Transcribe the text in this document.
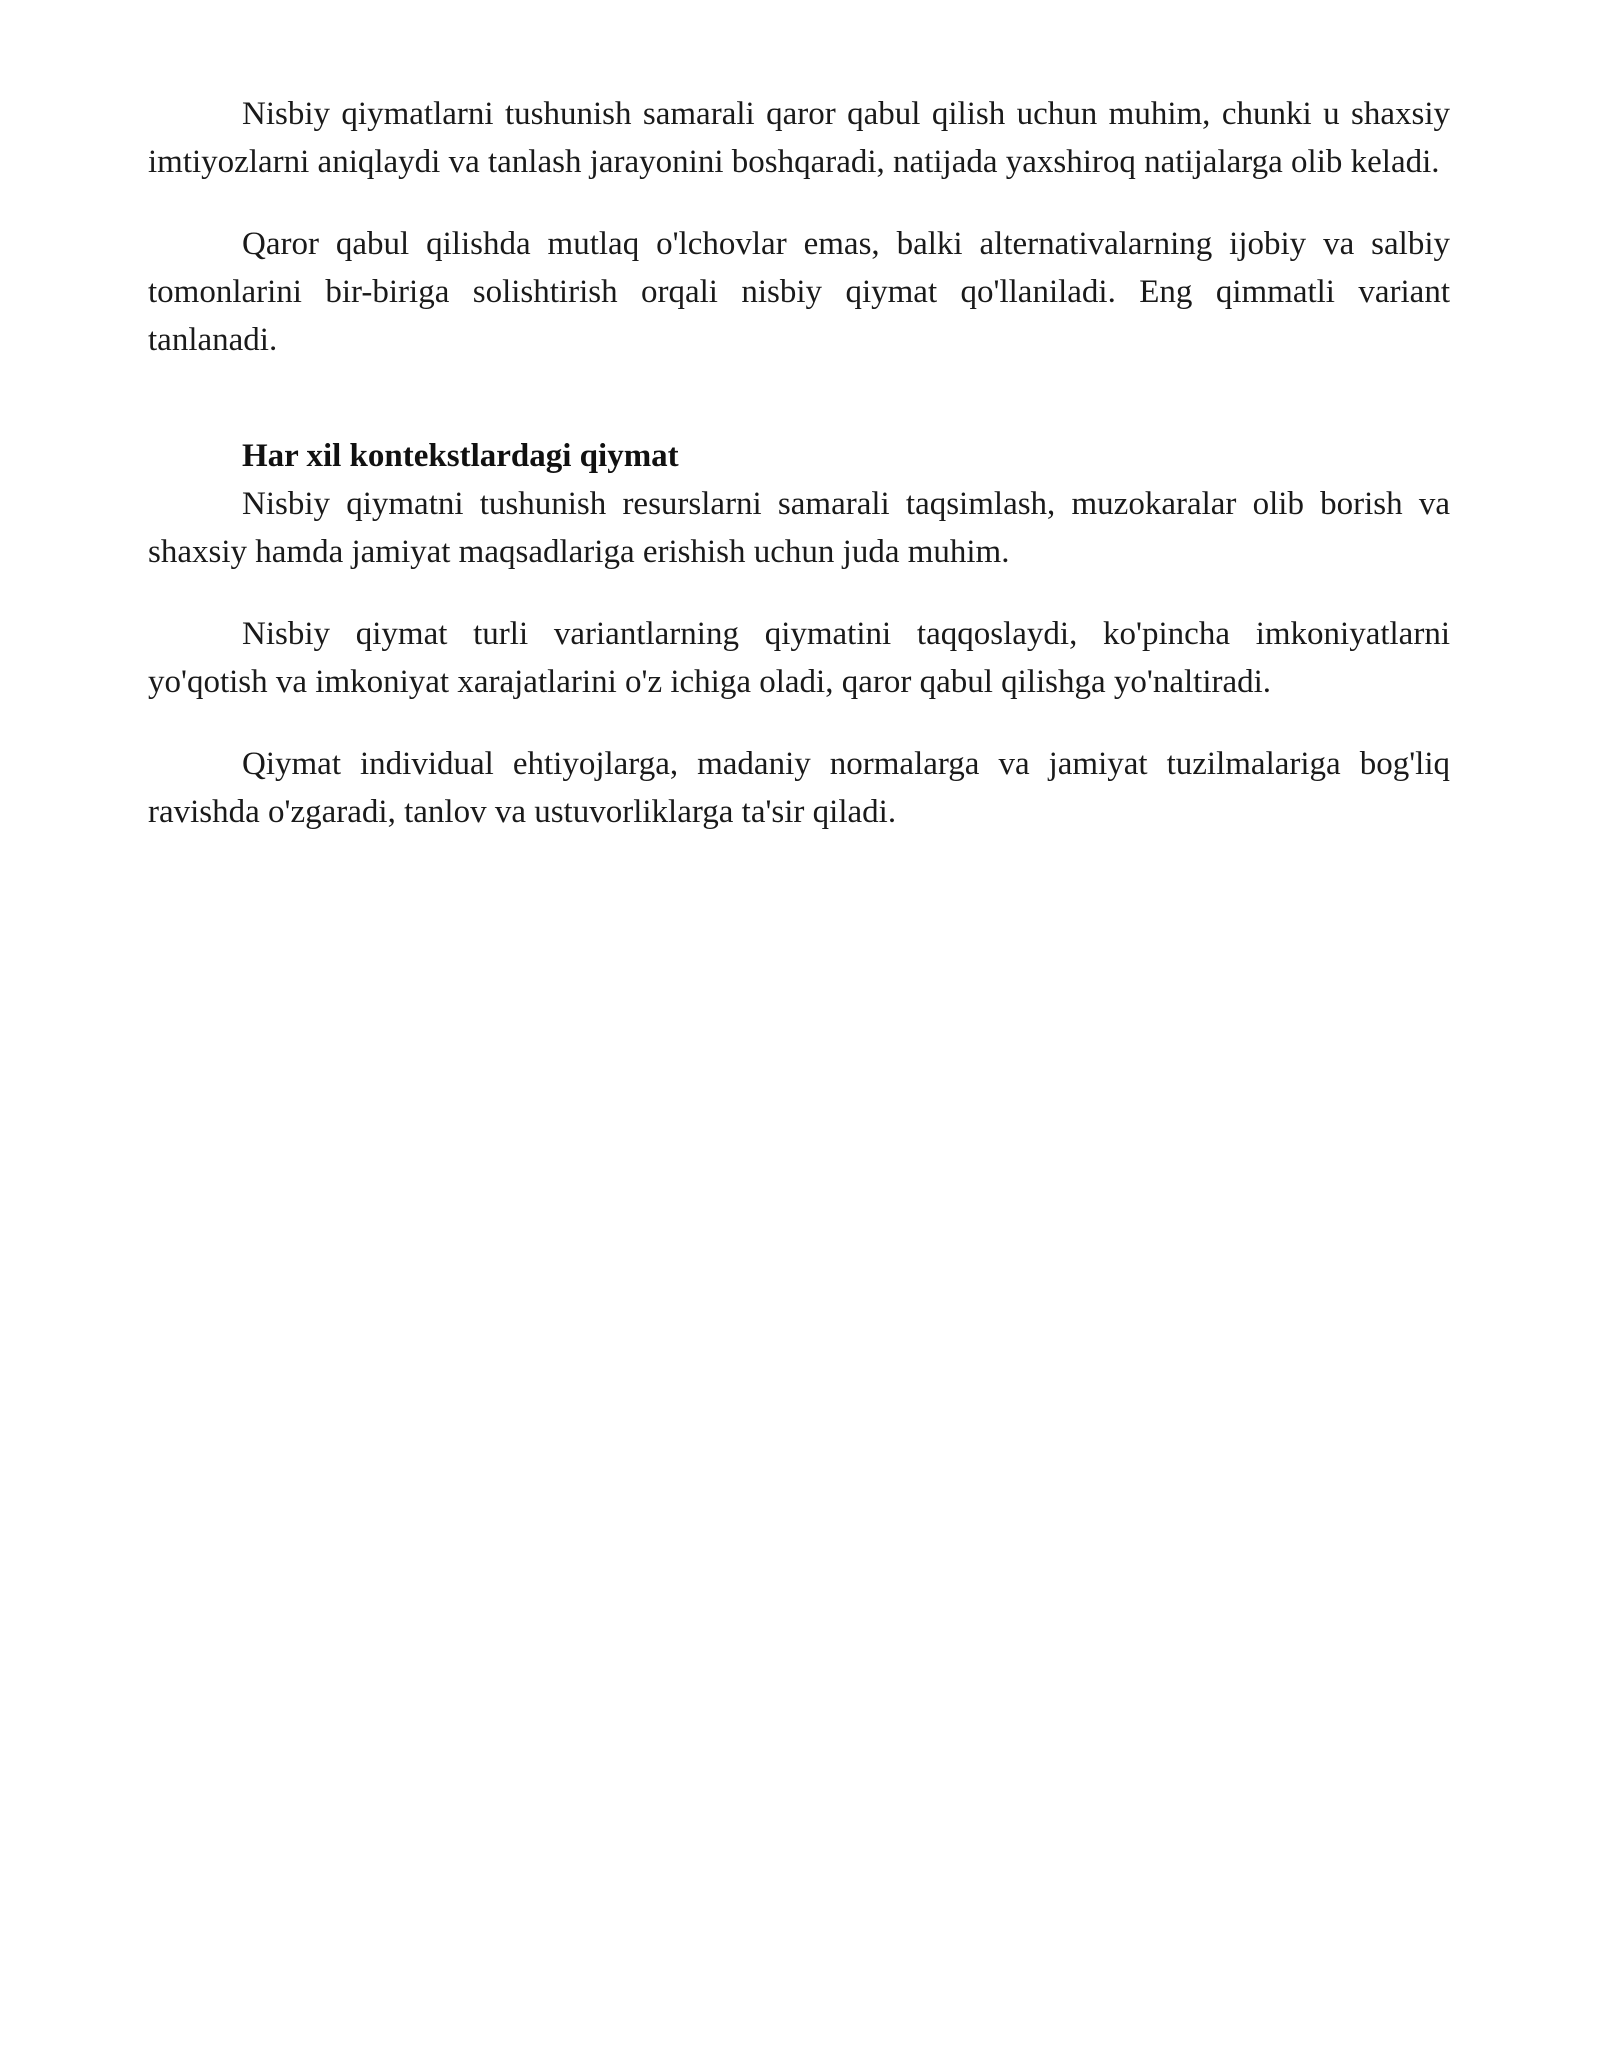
Nisbiy qiymatlarni tushunish samarali qaror qabul qilish uchun muhim, chunki u shaxsiy imtiyozlarni aniqlaydi va tanlash jarayonini boshqaradi, natijada yaxshiroq natijalarga olib keladi.

Qaror qabul qilishda mutlaq o'lchovlar emas, balki alternativalarning ijobiy va salbiy tomonlarini bir-biriga solishtirish orqali nisbiy qiymat qo'llaniladi. Eng qimmatli variant tanlanadi.

Har xil kontekstlardagi qiymat

Nisbiy qiymatni tushunish resurslarni samarali taqsimlash, muzokaralar olib borish va shaxsiy hamda jamiyat maqsadlariga erishish uchun juda muhim.

Nisbiy qiymat turli variantlarning qiymatini taqqoslaydi, ko'pincha imkoniyatlarni yo'qotish va imkoniyat xarajatlarini o'z ichiga oladi, qaror qabul qilishga yo'naltiradi.

Qiymat individual ehtiyojlarga, madaniy normalarga va jamiyat tuzilmalariga bog'liq ravishda o'zgaradi, tanlov va ustuvorliklarga ta'sir qiladi.
